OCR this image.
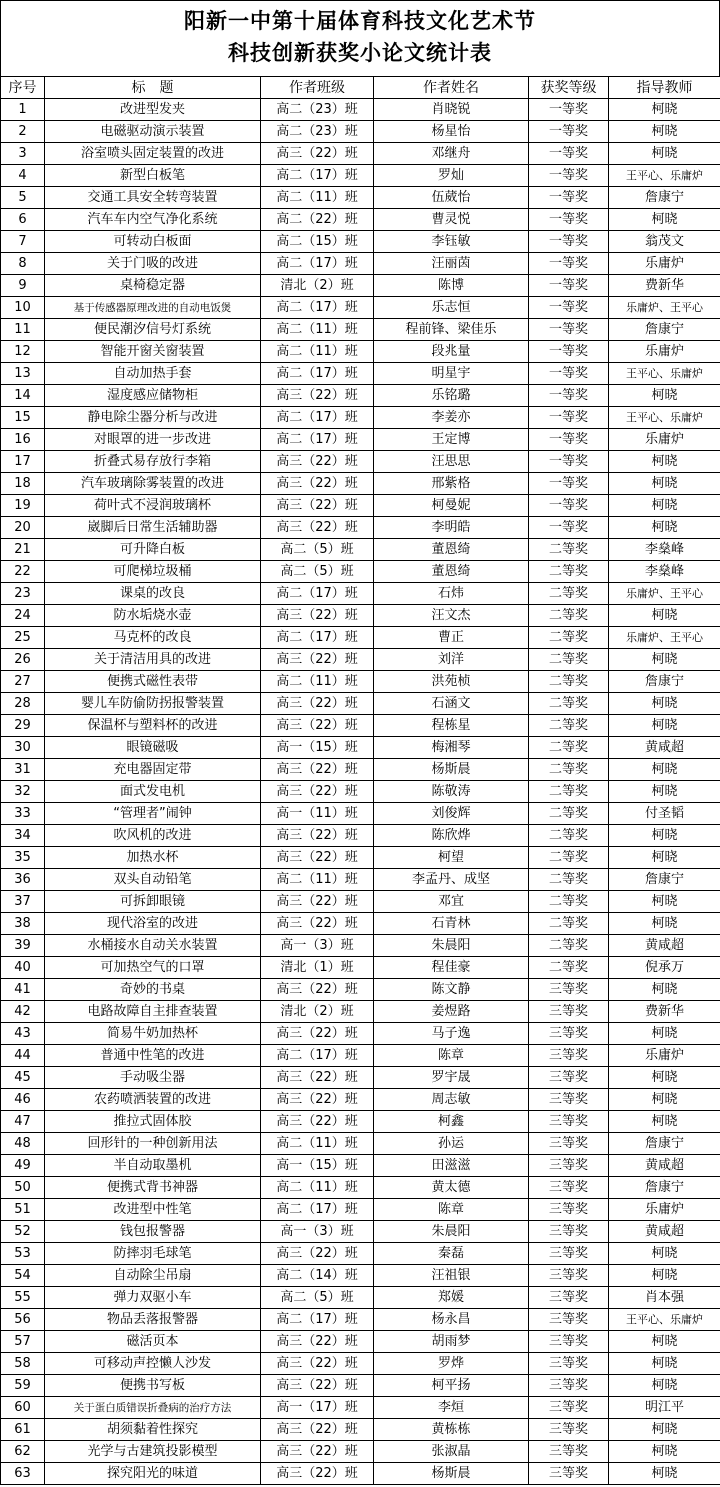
阳新一中第十届体育科技文化艺术节
科技创新获奖小论文统计表
序号	标　题	作者班级	作者姓名	获奖等级	指导教师
1	改进型发夹	高二（23）班	肖晓锐	一等奖	柯晓
2	电磁驱动演示装置	高二（23）班	杨星怡	一等奖	柯晓
3	浴室喷头固定装置的改进	高三（22）班	邓继舟	一等奖	柯晓
4	新型白板笔	高二（17）班	罗灿	一等奖	王平心、乐庸炉
5	交通工具安全转弯装置	高二（11）班	伍葳怡	一等奖	詹康宁
6	汽车车内空气净化系统	高二（22）班	曹灵悦	一等奖	柯晓
7	可转动白板面	高二（15）班	李钰敏	一等奖	翁茂文
8	关于门吸的改进	高二（17）班	汪丽茵	一等奖	乐庸炉
9	桌椅稳定器	清北（2）班	陈博	一等奖	费新华
10	基于传感器原理改进的自动电饭煲	高二（17）班	乐志恒	一等奖	乐庸炉、王平心
11	便民潮汐信号灯系统	高二（11）班	程前锋、梁佳乐	一等奖	詹康宁
12	智能开窗关窗装置	高二（11）班	段兆量	一等奖	乐庸炉
13	自动加热手套	高二（17）班	明星宇	一等奖	王平心、乐庸炉
14	湿度感应储物柜	高三（22）班	乐铭璐	一等奖	柯晓
15	静电除尘器分析与改进	高二（17）班	李姜亦	一等奖	王平心、乐庸炉
16	对眼罩的进一步改进	高二（17）班	王定博	一等奖	乐庸炉
17	折叠式易存放行李箱	高三（22）班	汪思思	一等奖	柯晓
18	汽车玻璃除雾装置的改进	高三（22）班	邢紫格	一等奖	柯晓
19	荷叶式不浸润玻璃杯	高三（22）班	柯曼妮	一等奖	柯晓
20	崴脚后日常生活辅助器	高三（22）班	李明皓	一等奖	柯晓
21	可升降白板	高二（5）班	董恩绮	二等奖	李燊峰
22	可爬梯垃圾桶	高二（5）班	董恩绮	二等奖	李燊峰
23	课桌的改良	高二（17）班	石炜	二等奖	乐庸炉、王平心
24	防水垢烧水壶	高三（22）班	汪文杰	二等奖	柯晓
25	马克杯的改良	高二（17）班	曹正	二等奖	乐庸炉、王平心
26	关于清洁用具的改进	高三（22）班	刘洋	二等奖	柯晓
27	便携式磁性表带	高二（11）班	洪苑桢	二等奖	詹康宁
28	婴儿车防偷防拐报警装置	高三（22）班	石涵文	二等奖	柯晓
29	保温杯与塑料杯的改进	高三（22）班	程栋星	二等奖	柯晓
30	眼镜磁吸	高一（15）班	梅湘琴	二等奖	黄咸超
31	充电器固定带	高三（22）班	杨斯晨	二等奖	柯晓
32	面式发电机	高三（22）班	陈敬涛	二等奖	柯晓
33	“管理者”闹钟	高一（11）班	刘俊辉	二等奖	付圣韬
34	吹风机的改进	高三（22）班	陈欣烨	二等奖	柯晓
35	加热水杯	高三（22）班	柯望	二等奖	柯晓
36	双头自动铅笔	高二（11）班	李孟丹、成坚	二等奖	詹康宁
37	可拆卸眼镜	高三（22）班	邓宜	二等奖	柯晓
38	现代浴室的改进	高三（22）班	石青林	二等奖	柯晓
39	水桶接水自动关水装置	高一（3）班	朱晨阳	二等奖	黄咸超
40	可加热空气的口罩	清北（1）班	程佳豪	二等奖	倪承万
41	奇妙的书桌	高三（22）班	陈文静	三等奖	柯晓
42	电路故障自主排查装置	清北（2）班	姜煜路	三等奖	费新华
43	简易牛奶加热杯	高三（22）班	马子逸	三等奖	柯晓
44	普通中性笔的改进	高二（17）班	陈章	三等奖	乐庸炉
45	手动吸尘器	高三（22）班	罗宇晟	三等奖	柯晓
46	农药喷洒装置的改进	高三（22）班	周志敏	三等奖	柯晓
47	推拉式固体胶	高三（22）班	柯鑫	三等奖	柯晓
48	回形针的一种创新用法	高二（11）班	孙运	三等奖	詹康宁
49	半自动取墨机	高一（15）班	田滋滋	三等奖	黄咸超
50	便携式背书神器	高二（11）班	黄太德	三等奖	詹康宁
51	改进型中性笔	高二（17）班	陈章	三等奖	乐庸炉
52	钱包报警器	高一（3）班	朱晨阳	三等奖	黄咸超
53	防摔羽毛球笔	高三（22）班	秦磊	三等奖	柯晓
54	自动除尘吊扇	高二（14）班	汪祖银	三等奖	柯晓
55	弹力双驱小车	高二（5）班	郑媛	三等奖	肖本强
56	物品丢落报警器	高二（17）班	杨永昌	三等奖	王平心、乐庸炉
57	磁活页本	高三（22）班	胡雨梦	三等奖	柯晓
58	可移动声控懒人沙发	高三（22）班	罗烨	三等奖	柯晓
59	便携书写板	高三（22）班	柯平扬	三等奖	柯晓
60	关于蛋白质错误折叠病的治疗方法	高一（17）班	李烜	三等奖	明江平
61	胡须黏着性探究	高三（22）班	黄栋栋	三等奖	柯晓
62	光学与古建筑投影模型	高三（22）班	张淑晶	三等奖	柯晓
63	探究阳光的味道	高三（22）班	杨斯晨	三等奖	柯晓
